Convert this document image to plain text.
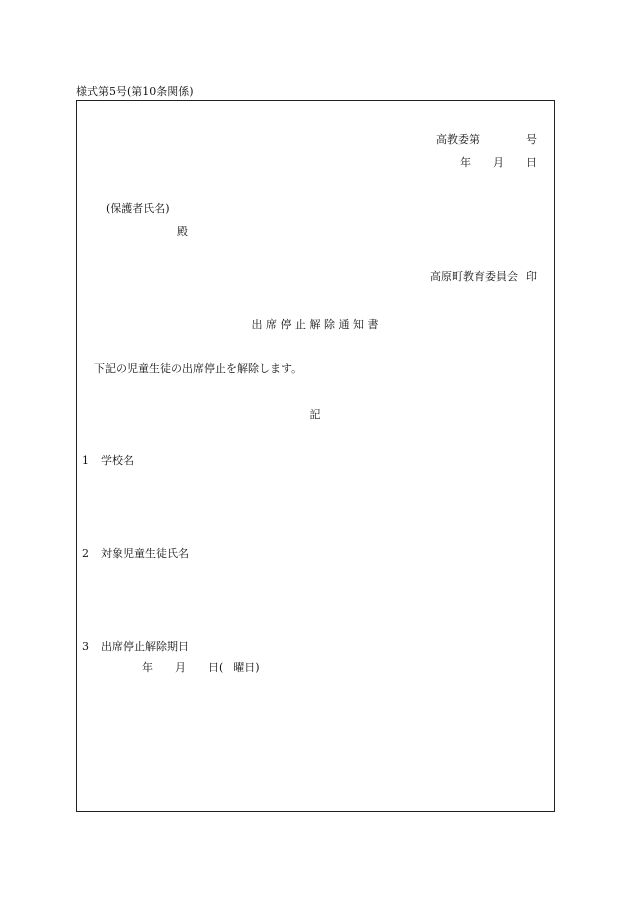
様式第5号(第10条関係)
高教委第	号
年 月 日
(保護者氏名)
殿
高原町教育委員会 印
出 席 停 止 解 除 通 知 書
下記の児童生徒の出席停止を解除します。
記
1 学校名
2 対象児童生徒氏名
3 出席停止解除期日
年 月 日( 曜日)
